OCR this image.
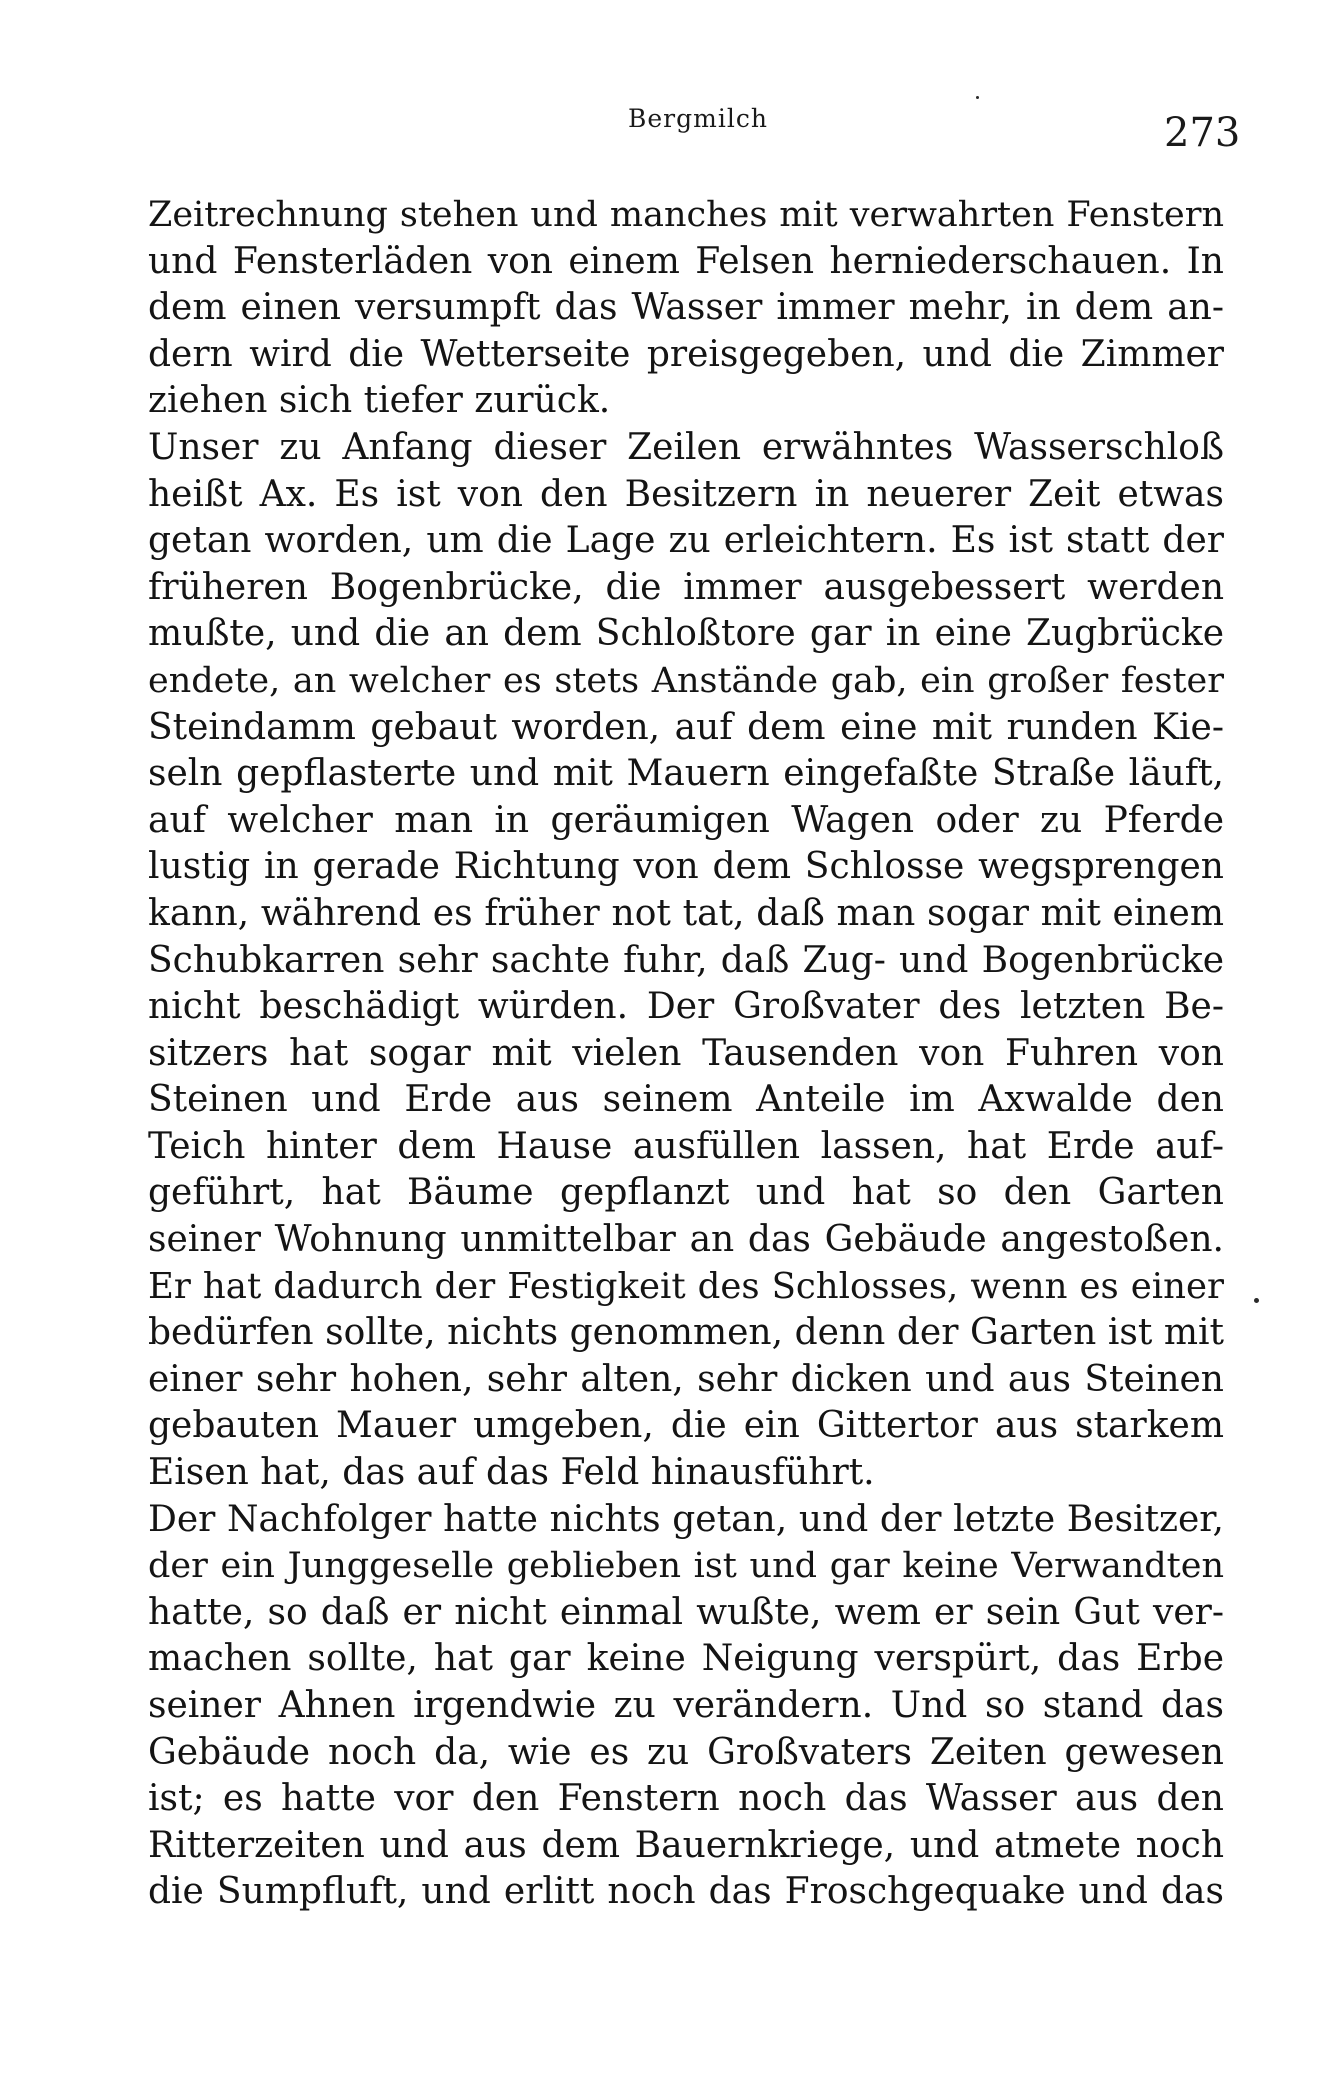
Bergmilch	273
Zeitrechnung stehen und manches mit verwahrten Fenstern
und Fensterläden von einem Felsen herniederschauen. In
dem einen versumpft das Wasser immer mehr, in dem an-
dern wird die Wetterseite preisgegeben, und die Zimmer
ziehen sich tiefer zurück.
Unser zu Anfang dieser Zeilen erwähntes Wasserschloß
heißt Ax. Es ist von den Besitzern in neuerer Zeit etwas
getan worden, um die Lage zu erleichtern. Es ist statt der
früheren Bogenbrücke, die immer ausgebessert werden
mußte, und die an dem Schloßtore gar in eine Zugbrücke
endete, an welcher es stets Anstände gab, ein großer fester
Steindamm gebaut worden, auf dem eine mit runden Kie-
seln gepflasterte und mit Mauern eingefaßte Straße läuft,
auf welcher man in geräumigen Wagen oder zu Pferde
lustig in gerade Richtung von dem Schlosse wegsprengen
kann, während es früher not tat, daß man sogar mit einem
Schubkarren sehr sachte fuhr, daß Zug- und Bogenbrücke
nicht beschädigt würden. Der Großvater des letzten Be-
sitzers hat sogar mit vielen Tausenden von Fuhren von
Steinen und Erde aus seinem Anteile im Axwalde den
Teich hinter dem Hause ausfüllen lassen, hat Erde auf-
geführt, hat Bäume gepflanzt und hat so den Garten
seiner Wohnung unmittelbar an das Gebäude angestoßen.
Er hat dadurch der Festigkeit des Schlosses, wenn es einer
bedürfen sollte, nichts genommen, denn der Garten ist mit
einer sehr hohen, sehr alten, sehr dicken und aus Steinen
gebauten Mauer umgeben, die ein Gittertor aus starkem
Eisen hat, das auf das Feld hinausführt.
Der Nachfolger hatte nichts getan, und der letzte Besitzer,
der ein Junggeselle geblieben ist und gar keine Verwandten
hatte, so daß er nicht einmal wußte, wem er sein Gut ver-
machen sollte, hat gar keine Neigung verspürt, das Erbe
seiner Ahnen irgendwie zu verändern. Und so stand das
Gebäude noch da, wie es zu Großvaters Zeiten gewesen
ist; es hatte vor den Fenstern noch das Wasser aus den
Ritterzeiten und aus dem Bauernkriege, und atmete noch
die Sumpfluft, und erlitt noch das Froschgequake und das
